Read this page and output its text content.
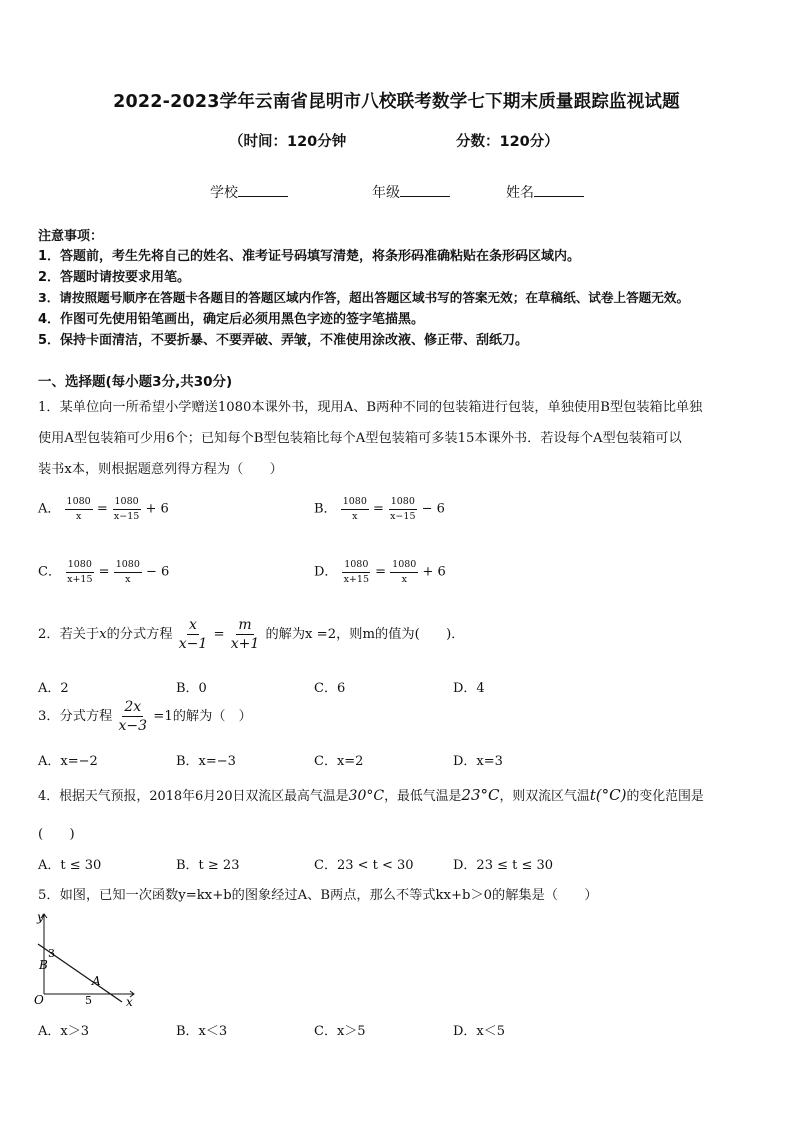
2022-2023学年云南省昆明市八校联考数学七下期末质量跟踪监视试题
（时间：120分钟	分数：120分）
学校	年级	姓名
注意事项：
1．答题前，考生先将自己的姓名、准考证号码填写清楚，将条形码准确粘贴在条形码区域内。
2．答题时请按要求用笔。
3．请按照题号顺序在答题卡各题目的答题区域内作答，超出答题区域书写的答案无效；在草稿纸、试卷上答题无效。
4．作图可先使用铅笔画出，确定后必须用黑色字迹的签字笔描黑。
5．保持卡面清洁，不要折暴、不要弄破、弄皱，不准使用涂改液、修正带、刮纸刀。
一、选择题(每小题3分,共30分)
1．某单位向一所希望小学赠送1080本课外书，现用A、B两种不同的包装箱进行包装，单独使用B型包装箱比单独
使用A型包装箱可少用6个；已知每个B型包装箱比每个A型包装箱可多装15本课外书．若设每个A型包装箱可以
装书x本，则根据题意列得方程为（　　）
A． $\frac{1080}{x} = \frac{1080}{x-15} + 6$	B． $\frac{1080}{x} = \frac{1080}{x-15} - 6$
C． $\frac{1080}{x+15} = \frac{1080}{x} - 6$	D． $\frac{1080}{x+15} = \frac{1080}{x} + 6$
2．若关于x的分式方程 $\frac{x}{x-1} = \frac{m}{x+1}$ 的解为x =2，则m的值为(　　)．
A．2	B．0	C．6	D．4
3．分式方程 $\frac{2x}{x-3} =1$的解为（　）
A．x=−2	B．x=−3	C．x=2	D．x=3
4．根据天气预报，2018年6月20日双流区最高气温是30°C，最低气温是23°C，则双流区气温t(°C)的变化范围是
(　　)
A．t ≤ 30	B．t ≥ 23	C．23 < t < 30	D．23 ≤ t ≤ 30
5．如图，已知一次函数y=kx+b的图象经过A、B两点，那么不等式kx+b＞0的解集是（　　）
y
x
O
3
B
A
5
A．x＞3	B．x＜3	C．x＞5	D．x＜5
